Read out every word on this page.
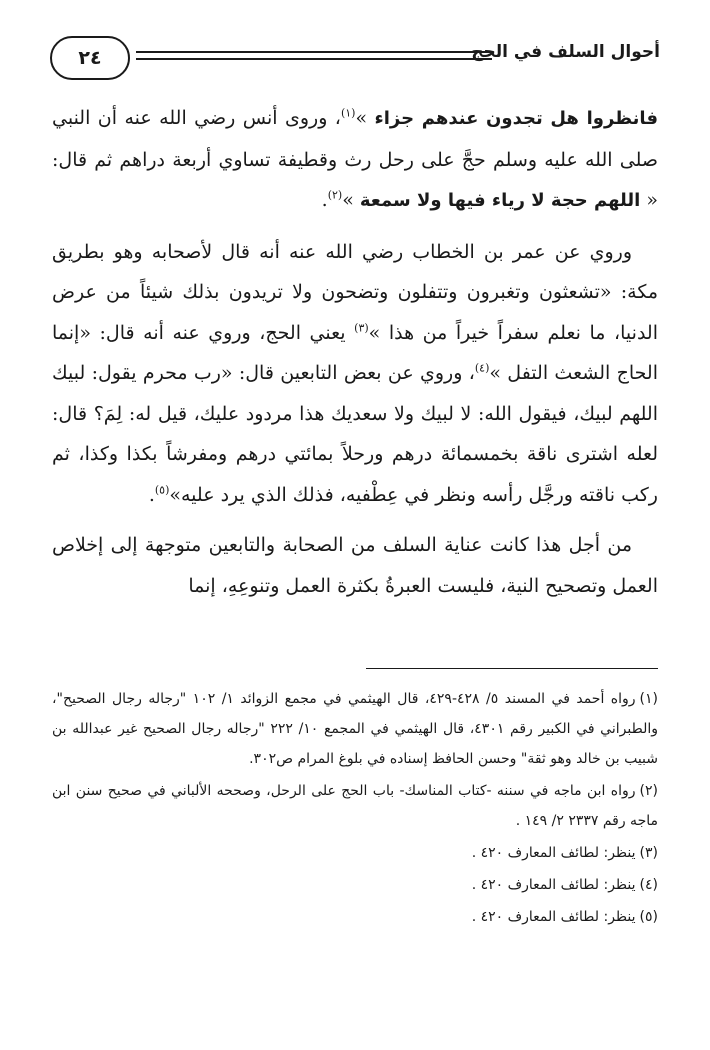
٢٤	أحوال السلف في الحج

فانظروا هل تجدون عندهم جزاء »$^{(١)}$، وروى أنس رضي الله عنه أن النبي صلى الله عليه وسلم حجَّ على رحل رث وقطيفة تساوي أربعة دراهم ثم قال: « اللهم حجة لا رياء فيها ولا سمعة »$^{(٢)}$.

وروي عن عمر بن الخطاب رضي الله عنه أنه قال لأصحابه وهو بطريق مكة: «تشعثون وتغبرون وتتفلون وتضحون ولا تريدون بذلك شيئاً من عرض الدنيا، ما نعلم سفراً خيراً من هذا »$^{(٣)}$ يعني الحج، وروي عنه أنه قال: «إنما الحاج الشعث التفل »$^{(٤)}$، وروي عن بعض التابعين قال: «رب محرم يقول: لبيك اللهم لبيك، فيقول الله: لا لبيك ولا سعديك هذا مردود عليك، قيل له: لِمَ؟ قال: لعله اشترى ناقة بخمسمائة درهم ورحلاً بمائتي درهم ومفرشاً بكذا وكذا، ثم ركب ناقته ورجَّل رأسه ونظر في عِطْفيه، فذلك الذي يرد عليه»$^{(٥)}$.

من أجل هذا كانت عناية السلف من الصحابة والتابعين متوجهة إلى إخلاص العمل وتصحيح النية، فليست العبرةُ بكثرة العمل وتنوعِهِ، إنما

(١)رواه أحمد في المسند ٥/ ٤٢٨-٤٢٩، قال الهيثمي في مجمع الزوائد ١/ ١٠٢ "رجاله رجال الصحيح"، والطبراني في الكبير رقم ٤٣٠١، قال الهيثمي في المجمع ١٠/ ٢٢٢ "رجاله رجال الصحيح غير عبدالله بن شبيب بن خالد وهو ثقة" وحسن الحافظ إسناده في بلوغ المرام ص٣٠٢.

(٢)رواه ابن ماجه في سننه -كتاب المناسك- باب الحج على الرحل، وصححه الألباني في صحيح سنن ابن ماجه رقم ٢٣٣٧ ٢/ ١٤٩ .

(٣)ينظر: لطائف المعارف ٤٢٠ .

(٤)ينظر: لطائف المعارف ٤٢٠ .

(٥)ينظر: لطائف المعارف ٤٢٠ .
